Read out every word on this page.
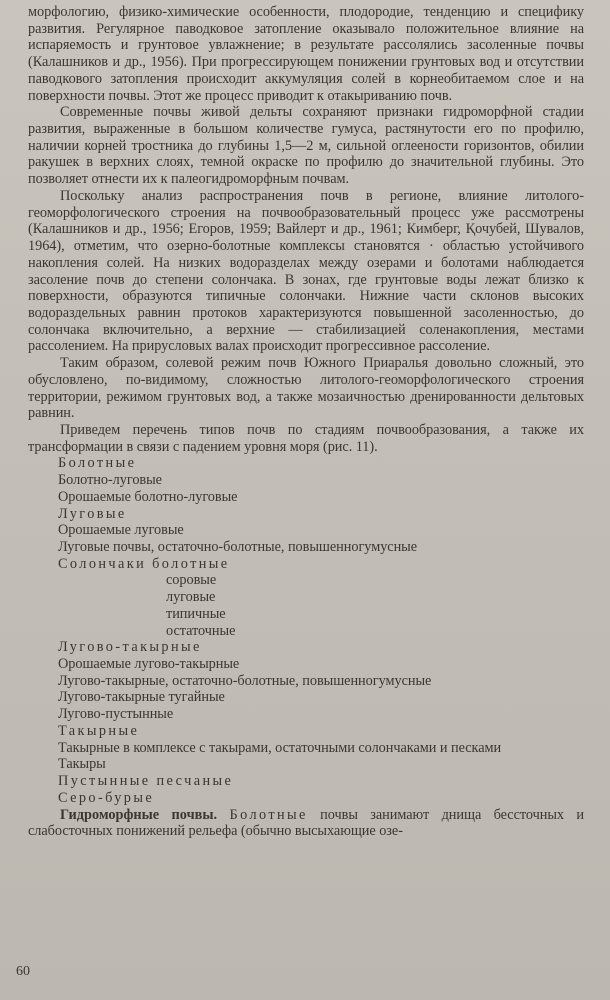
морфологию, физико-химические особенности, плодородие, тенденцию и специфику развития. Регулярное паводковое затопление оказывало положительное влияние на испаряемость и грунтовое увлажнение; в результате рассолялись засоленные почвы (Калашников и др., 1956). При прогрессирующем понижении грунтовых вод и отсутствии паводкового затопления происходит аккумуляция солей в корнеобитаемом слое и на поверхности почвы. Этот же процесс приводит к отакыриванию почв.

Современные почвы живой дельты сохраняют признаки гидроморфной стадии развития, выраженные в большом количестве гумуса, растянутости его по профилю, наличии корней тростника до глубины 1,5—2 м, сильной оглеености горизонтов, обилии ракушек в верхних слоях, темной окраске по профилю до значительной глубины. Это позволяет отнести их к палеогидроморфным почвам.

Поскольку анализ распространения почв в регионе, влияние литолого-геоморфологического строения на почвообразовательный процесс уже рассмотрены (Калашников и др., 1956; Егоров, 1959; Вайлерт и др., 1961; Кимберг, Қочубей, Шувалов, 1964), отметим, что озерно-болотные комплексы становятся · областью устойчивого накопления солей. На низких водоразделах между озерами и болотами наблюдается засоление почв до степени солончака. В зонах, где грунтовые воды лежат близко к поверхности, образуются типичные солончаки. Нижние части склонов высоких водораздельных равнин протоков характеризуются повышенной засоленностью, до солончака включительно, а верхние — стабилизацией соленакопления, местами рассолением. На прирусловых валах происходит прогрессивное рассоление.

Таким образом, солевой режим почв Южного Приаралья довольно сложный, это обусловлено, по-видимому, сложностью литолого-геоморфологического строения территории, режимом грунтовых вод, а также мозаичностью дренированности дельтовых равнин.

Приведем перечень типов почв по стадиям почвообразования, а также их трансформации в связи с падением уровня моря (рис. 11).

Болотные
Болотно-луговые
Орошаемые болотно-луговые
Луговые
Орошаемые луговые
Луговые почвы, остаточно-болотные, повышенногумусные
Солончаки болотные
соровые
луговые
типичные
остаточные
Лугово-такырные
Орошаемые лугово-такырные
Лугово-такырные, остаточно-болотные, повышенногумусные
Лугово-такырные тугайные
Лугово-пустынные
Такырные
Такырные в комплексе с такырами, остаточными солончаками и песками
Такыры
Пустынные песчаные
Серо-бурые

Гидроморфные почвы. Болотные почвы занимают днища бессточных и слабосточных понижений рельефа (обычно высыхающие озе-

60
